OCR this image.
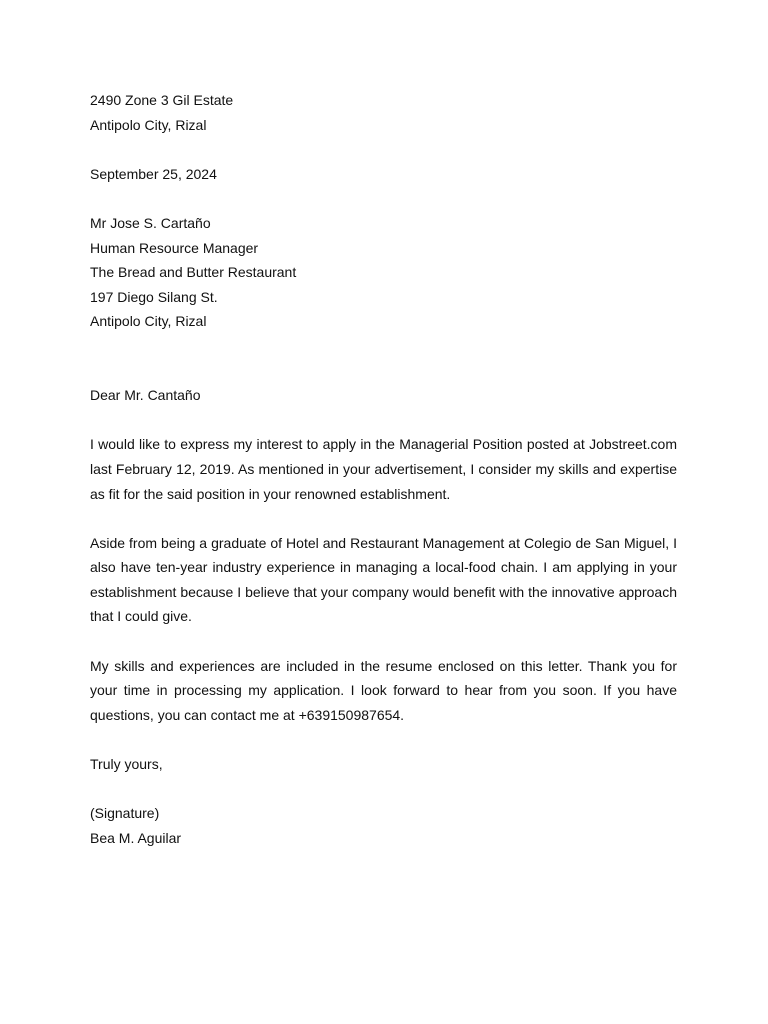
2490 Zone 3 Gil Estate
Antipolo City, Rizal
September 25, 2024
Mr Jose S. Cartaño
Human Resource Manager
The Bread and Butter Restaurant
197 Diego Silang St.
Antipolo City, Rizal
Dear Mr. Cantaño

I would like to express my interest to apply in the Managerial Position posted at Jobstreet.com last February 12, 2019. As mentioned in your advertisement, I consider my skills and expertise as fit for the said position in your renowned establishment.

Aside from being a graduate of Hotel and Restaurant Management at Colegio de San Miguel, I also have ten-year industry experience in managing a local-food chain. I am applying in your establishment because I believe that your company would benefit with the innovative approach that I could give.

My skills and experiences are included in the resume enclosed on this letter. Thank you for your time in processing my application. I look forward to hear from you soon. If you have questions, you can contact me at +639150987654.

Truly yours,
(Signature)
Bea M. Aguilar
